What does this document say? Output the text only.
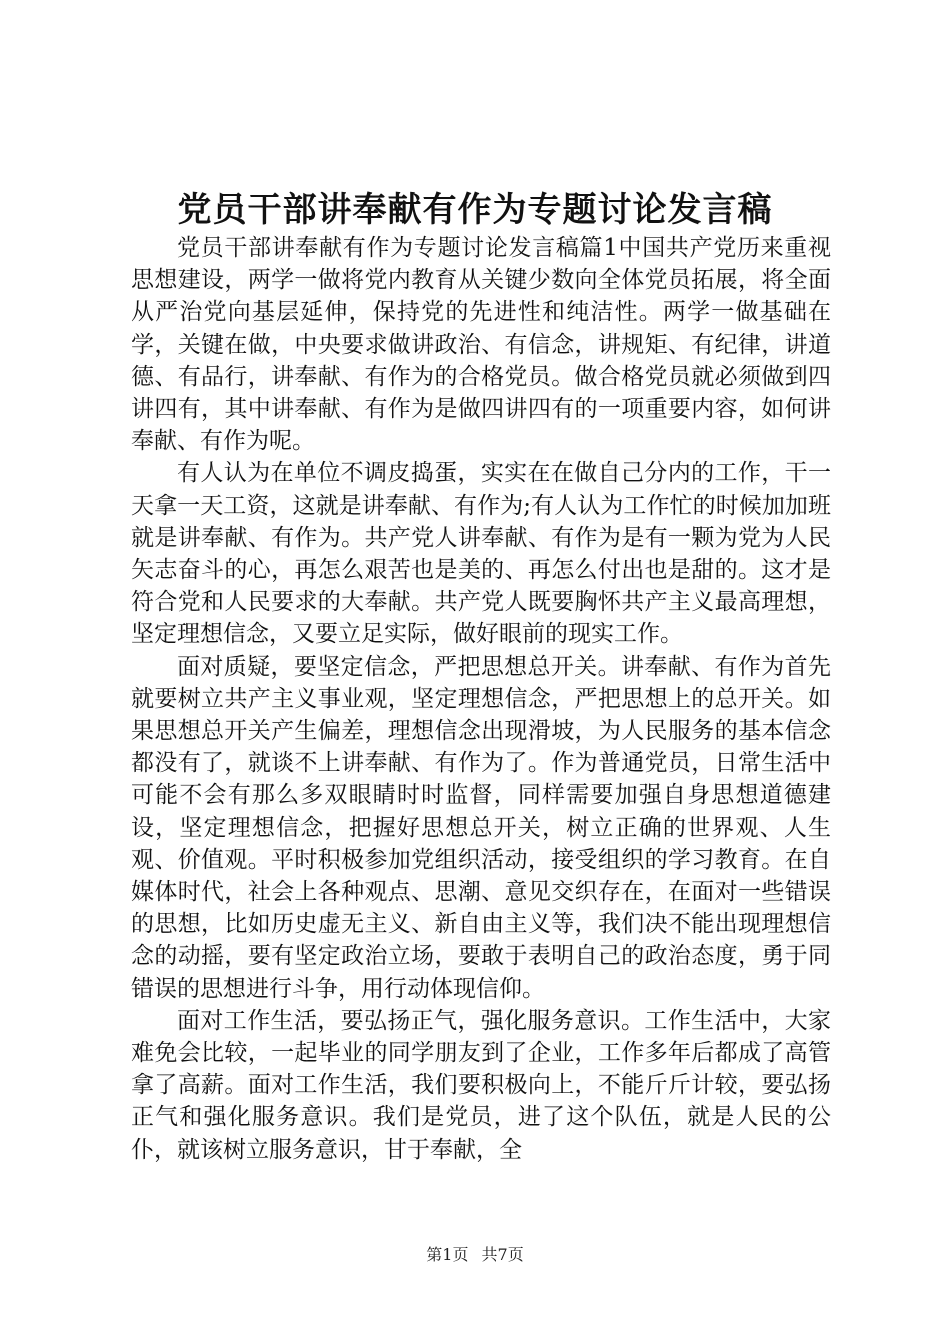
党员干部讲奉献有作为专题讨论发言稿

党员干部讲奉献有作为专题讨论发言稿篇1中国共产党历来重视思想建设，两学一做将党内教育从关键少数向全体党员拓展，将全面从严治党向基层延伸，保持党的先进性和纯洁性。两学一做基础在学，关键在做，中央要求做讲政治、有信念，讲规矩、有纪律，讲道德、有品行，讲奉献、有作为的合格党员。做合格党员就必须做到四讲四有，其中讲奉献、有作为是做四讲四有的一项重要内容，如何讲奉献、有作为呢。

有人认为在单位不调皮捣蛋，实实在在做自己分内的工作，干一天拿一天工资，这就是讲奉献、有作为;有人认为工作忙的时候加加班就是讲奉献、有作为。共产党人讲奉献、有作为是有一颗为党为人民矢志奋斗的心，再怎么艰苦也是美的、再怎么付出也是甜的。这才是符合党和人民要求的大奉献。共产党人既要胸怀共产主义最高理想，坚定理想信念，又要立足实际，做好眼前的现实工作。

面对质疑，要坚定信念，严把思想总开关。讲奉献、有作为首先就要树立共产主义事业观，坚定理想信念，严把思想上的总开关。如果思想总开关产生偏差，理想信念出现滑坡，为人民服务的基本信念都没有了，就谈不上讲奉献、有作为了。作为普通党员，日常生活中可能不会有那么多双眼睛时时监督，同样需要加强自身思想道德建设，坚定理想信念，把握好思想总开关，树立正确的世界观、人生观、价值观。平时积极参加党组织活动，接受组织的学习教育。在自媒体时代，社会上各种观点、思潮、意见交织存在，在面对一些错误的思想，比如历史虚无主义、新自由主义等，我们决不能出现理想信念的动摇，要有坚定政治立场，要敢于表明自己的政治态度，勇于同错误的思想进行斗争，用行动体现信仰。

面对工作生活，要弘扬正气，强化服务意识。工作生活中，大家难免会比较，一起毕业的同学朋友到了企业，工作多年后都成了高管拿了高薪。面对工作生活，我们要积极向上，不能斤斤计较，要弘扬正气和强化服务意识。我们是党员，进了这个队伍，就是人民的公仆，就该树立服务意识，甘于奉献，全

第1页 共7页
